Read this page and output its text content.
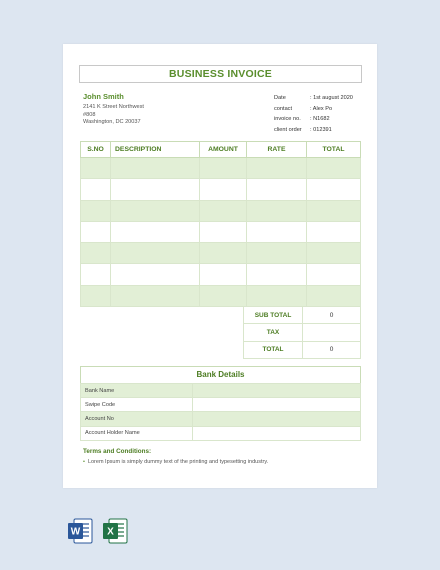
BUSINESS INVOICE
John Smith
2141 K Street Northwest
#808
Washington, DC 20037
Date	: 1st august 2020
contact	: Alex Po
invoice no.	: N1682
client order	: 012391
S.NO	DESCRIPTION	AMOUNT	RATE	TOTAL

SUB TOTAL	0
TAX	
TOTAL	0
Bank Details
Bank Name	
Swipe Code	
Account No	
Account Holder Name	
Terms and Conditions:
• Lorem Ipsum is simply dummy text of the printing and typesetting industry.
W	X
